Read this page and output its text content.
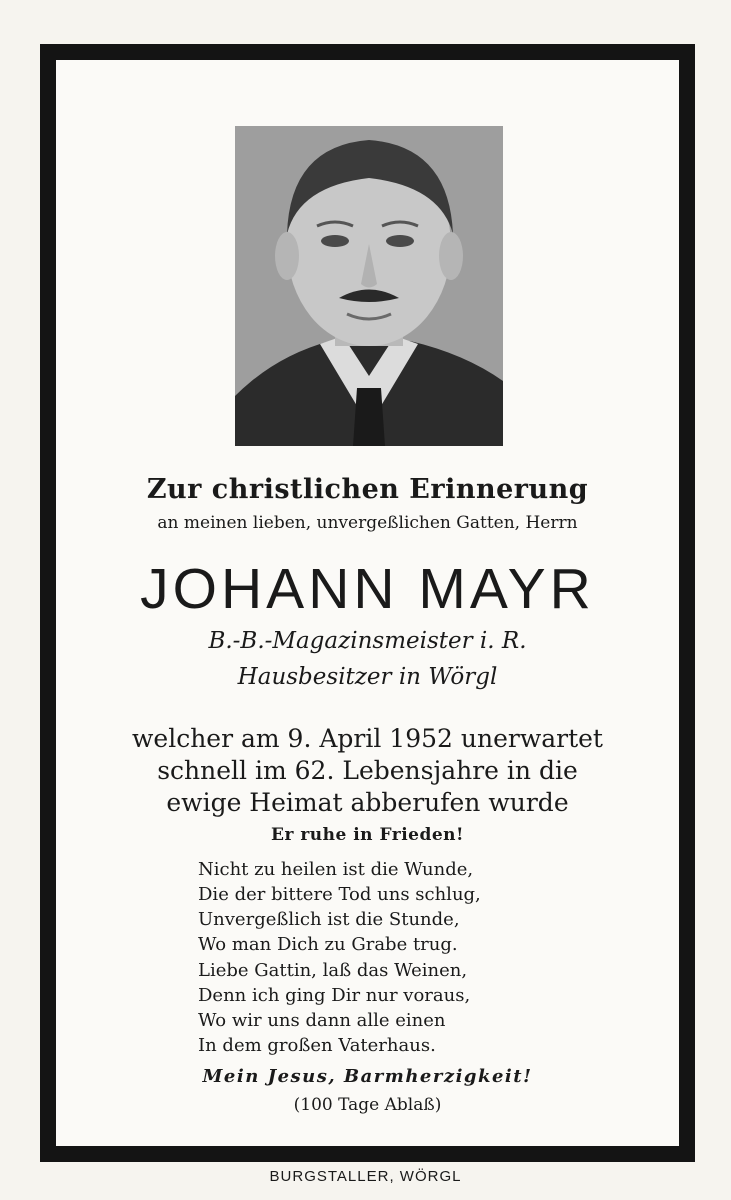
Zur christlichen Erinnerung
an meinen lieben, unvergeßlichen Gatten, Herrn
JOHANN MAYR
B.-B.-Magazinsmeister i. R.
Hausbesitzer in Wörgl
welcher am 9. April 1952 unerwartet
schnell im 62. Lebensjahre in die
ewige Heimat abberufen wurde
Er ruhe in Frieden!
Nicht zu heilen ist die Wunde,
Die der bittere Tod uns schlug,
Unvergeßlich ist die Stunde,
Wo man Dich zu Grabe trug.
Liebe Gattin, laß das Weinen,
Denn ich ging Dir nur voraus,
Wo wir uns dann alle einen
In dem großen Vaterhaus.
Mein Jesus, Barmherzigkeit!
(100 Tage Ablaß)
BURGSTALLER, WÖRGL
